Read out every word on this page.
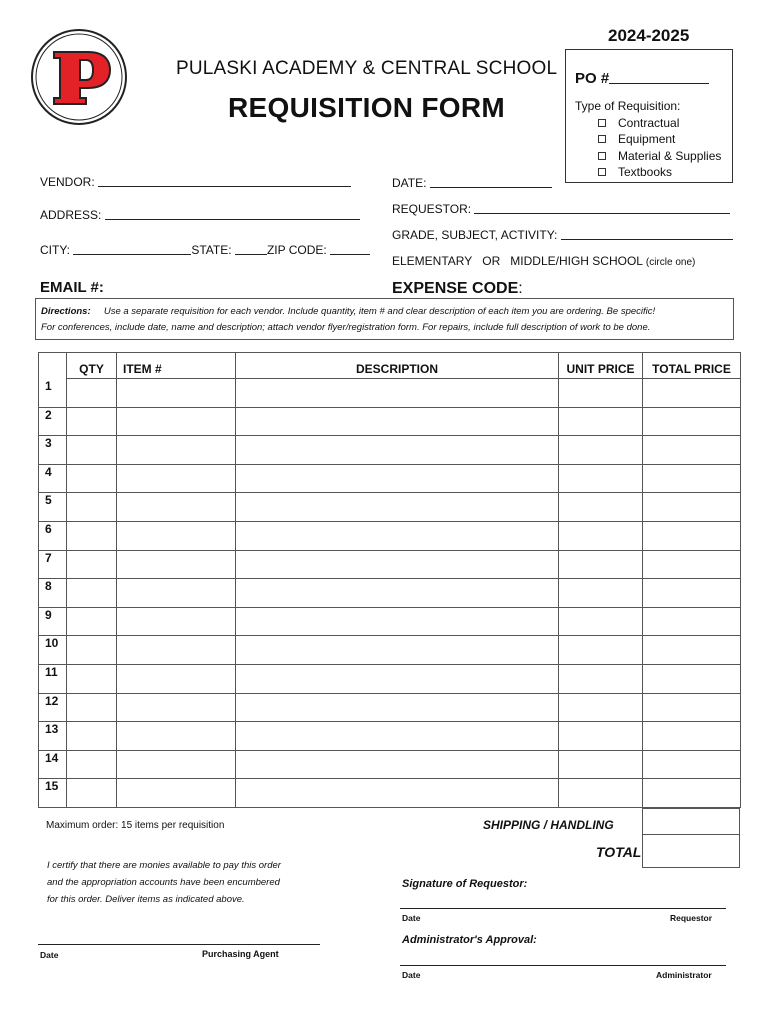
2024-2025
PULASKI ACADEMY & CENTRAL SCHOOL
REQUISITION FORM
PO #
Type of Requisition:
Contractual
Equipment
Material & Supplies
Textbooks
VENDOR:
ADDRESS:
CITY:	STATE:	ZIP CODE:
DATE:
REQUESTOR:
GRADE, SUBJECT, ACTIVITY:
ELEMENTARY OR MIDDLE/HIGH SCHOOL (circle one)
EMAIL #:	EXPENSE CODE:
Directions: Use a separate requisition for each vendor. Include quantity, item # and clear description of each item you are ordering. Be specific!
For conferences, include date, name and description; attach vendor flyer/registration form. For repairs, include full description of work to be done.
	QTY	ITEM #	DESCRIPTION	UNIT PRICE	TOTAL PRICE
1					
2					
3					
4					
5					
6					
7					
8					
9					
10					
11					
12					
13					
14					
15					
Maximum order: 15 items per requisition	SHIPPING / HANDLING
TOTAL
I certify that there are monies available to pay this order
and the appropriation accounts have been encumbered
for this order. Deliver items as indicated above.
Signature of Requestor:
Date	Requestor
Administrator's Approval:
Date	Administrator
Date	Purchasing Agent
